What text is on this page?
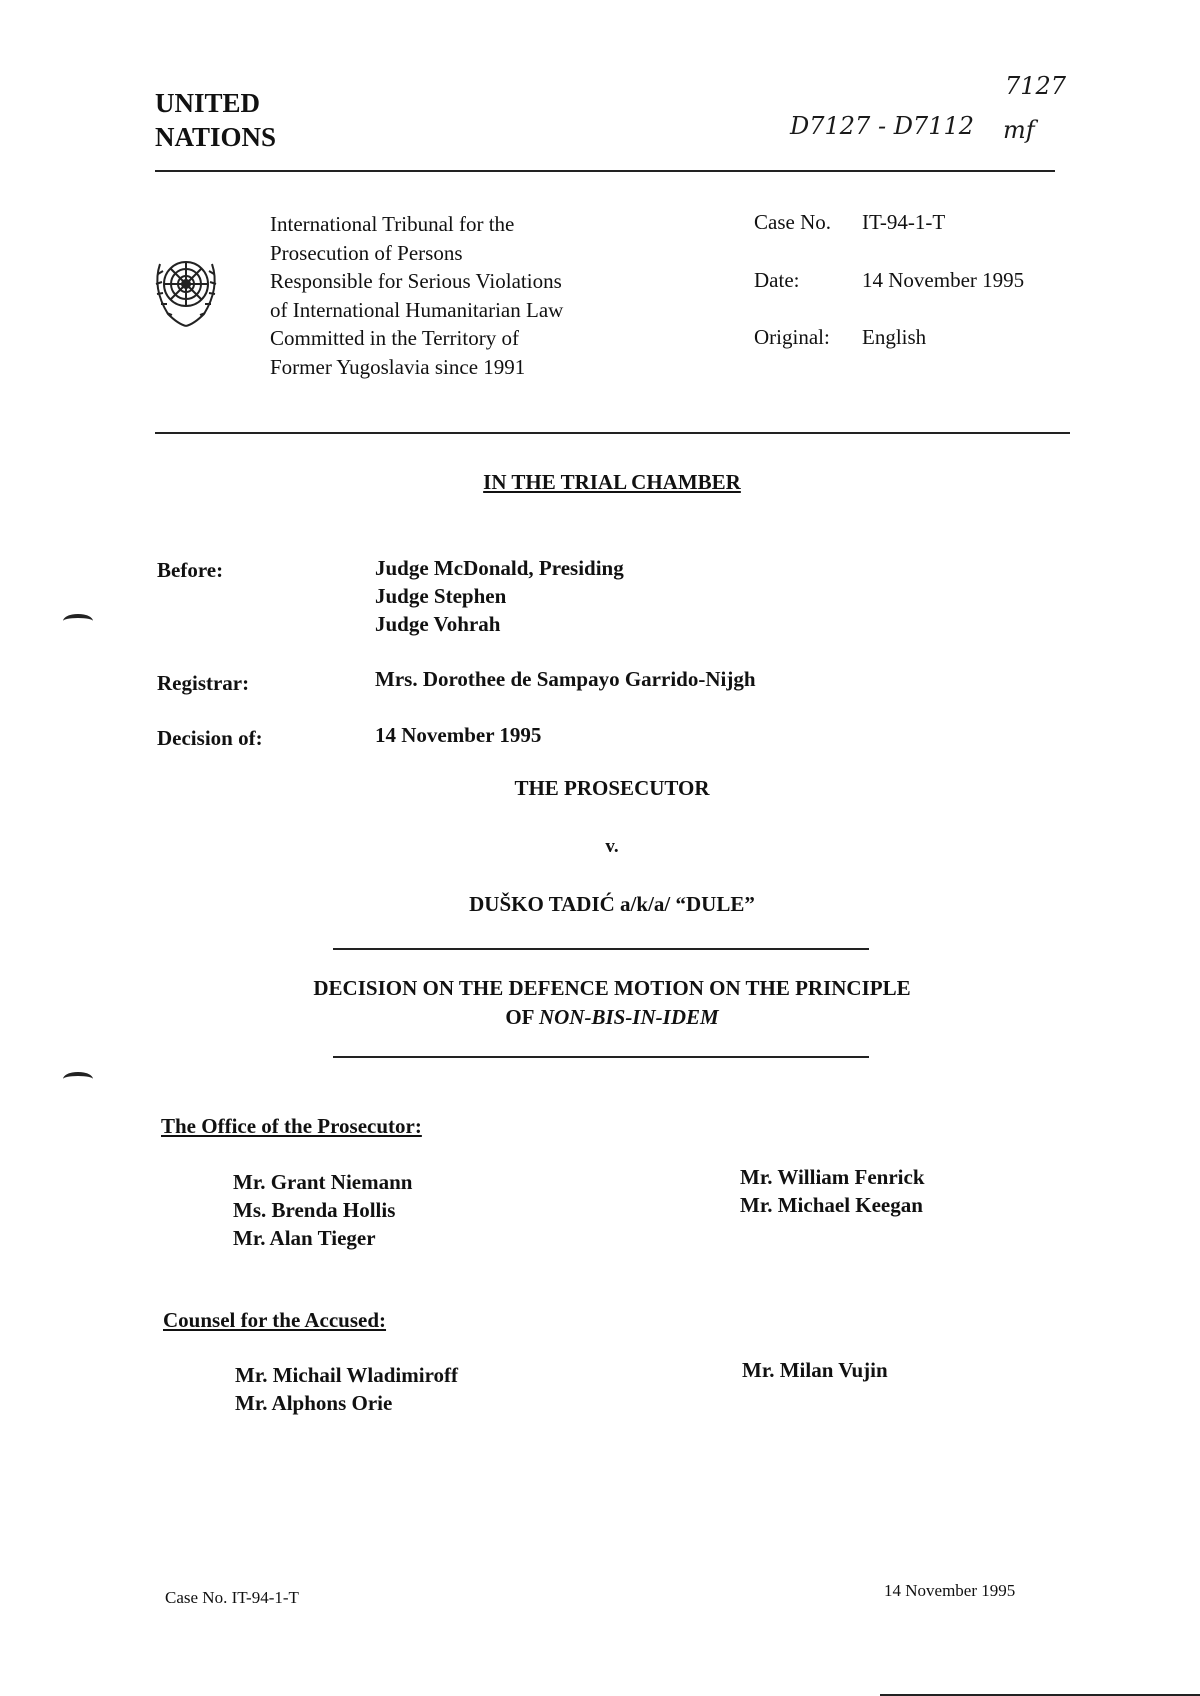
UNITED
NATIONS	D7127 - D7112
7127
mf
International Tribunal for the
Prosecution of Persons
Responsible for Serious Violations
of International Humanitarian Law
Committed in the Territory of
Former Yugoslavia since 1991
Case No. IT-94-1-T
Date:	14 November 1995
Original: English
IN THE TRIAL CHAMBER
Before:	Judge McDonald, Presiding
Judge Stephen
Judge Vohrah
Registrar:	Mrs. Dorothee de Sampayo Garrido-Nijgh
Decision of:	14 November 1995
THE PROSECUTOR
v.
DUŠKO TADIĆ a/k/a/ “DULE”
DECISION ON THE DEFENCE MOTION ON THE PRINCIPLE
OF NON-BIS-IN-IDEM
The Office of the Prosecutor:
Mr. Grant Niemann
Ms. Brenda Hollis
Mr. Alan Tieger
Mr. William Fenrick
Mr. Michael Keegan
Counsel for the Accused:
Mr. Michail Wladimiroff
Mr. Alphons Orie
Mr. Milan Vujin
Case No. IT-94-1-T	14 November 1995
